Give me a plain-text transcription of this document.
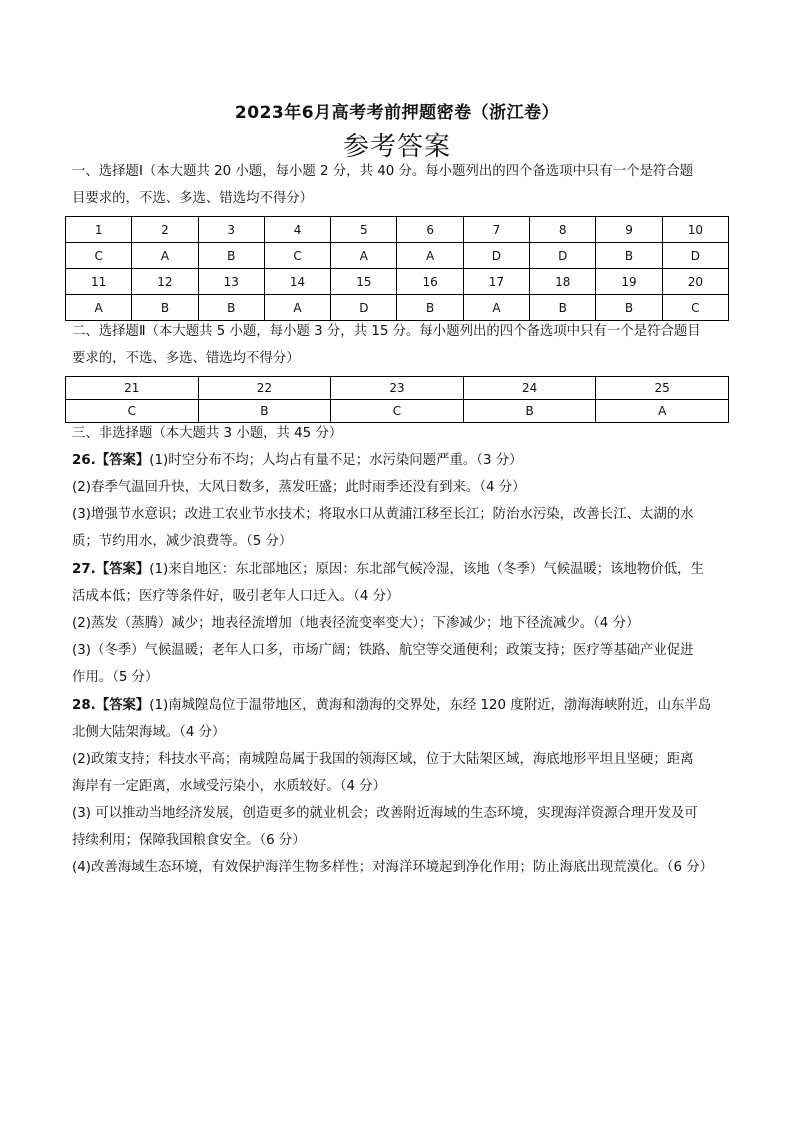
2023年6月高考考前押题密卷（浙江卷）
参考答案
一、选择题Ⅰ（本大题共 20 小题，每小题 2 分，共 40 分。每小题列出的四个备选项中只有一个是符合题
目要求的，不选、多选、错选均不得分）
1	2	3	4	5	6	7	8	9	10
C	A	B	C	A	A	D	D	B	D
11	12	13	14	15	16	17	18	19	20
A	B	B	A	D	B	A	B	B	C
二、选择题Ⅱ（本大题共 5 小题，每小题 3 分，共 15 分。每小题列出的四个备选项中只有一个是符合题目
要求的，不选、多选、错选均不得分）
21	22	23	24	25
C	B	C	B	A
三、非选择题（本大题共 3 小题，共 45 分）
26.【答案】(1)时空分布不均；人均占有量不足；水污染问题严重。（3 分）
(2)春季气温回升快，大风日数多，蒸发旺盛；此时雨季还没有到来。（4 分）
(3)增强节水意识；改进工农业节水技术；将取水口从黄浦江移至长江；防治水污染，改善长江、太湖的水
质；节约用水，减少浪费等。（5 分）
27.【答案】(1)来自地区：东北部地区；原因：东北部气候冷湿，该地（冬季）气候温暖；该地物价低，生
活成本低；医疗等条件好，吸引老年人口迁入。（4 分）
(2)蒸发（蒸腾）减少；地表径流增加（地表径流变率变大）；下渗减少；地下径流减少。（4 分）
(3)（冬季）气候温暖；老年人口多，市场广阔；铁路、航空等交通便利；政策支持；医疗等基础产业促进
作用。（5 分）
28.【答案】(1)南城隍岛位于温带地区，黄海和渤海的交界处，东经 120 度附近，渤海海峡附近，山东半岛
北侧大陆架海域。（4 分）
(2)政策支持；科技水平高；南城隍岛属于我国的领海区域，位于大陆架区域，海底地形平坦且坚硬；距离
海岸有一定距离，水域受污染小，水质较好。（4 分）
(3) 可以推动当地经济发展，创造更多的就业机会；改善附近海域的生态环境，实现海洋资源合理开发及可
持续利用；保障我国粮食安全。（6 分）
(4)改善海域生态环境，有效保护海洋生物多样性；对海洋环境起到净化作用；防止海底出现荒漠化。（6 分）
